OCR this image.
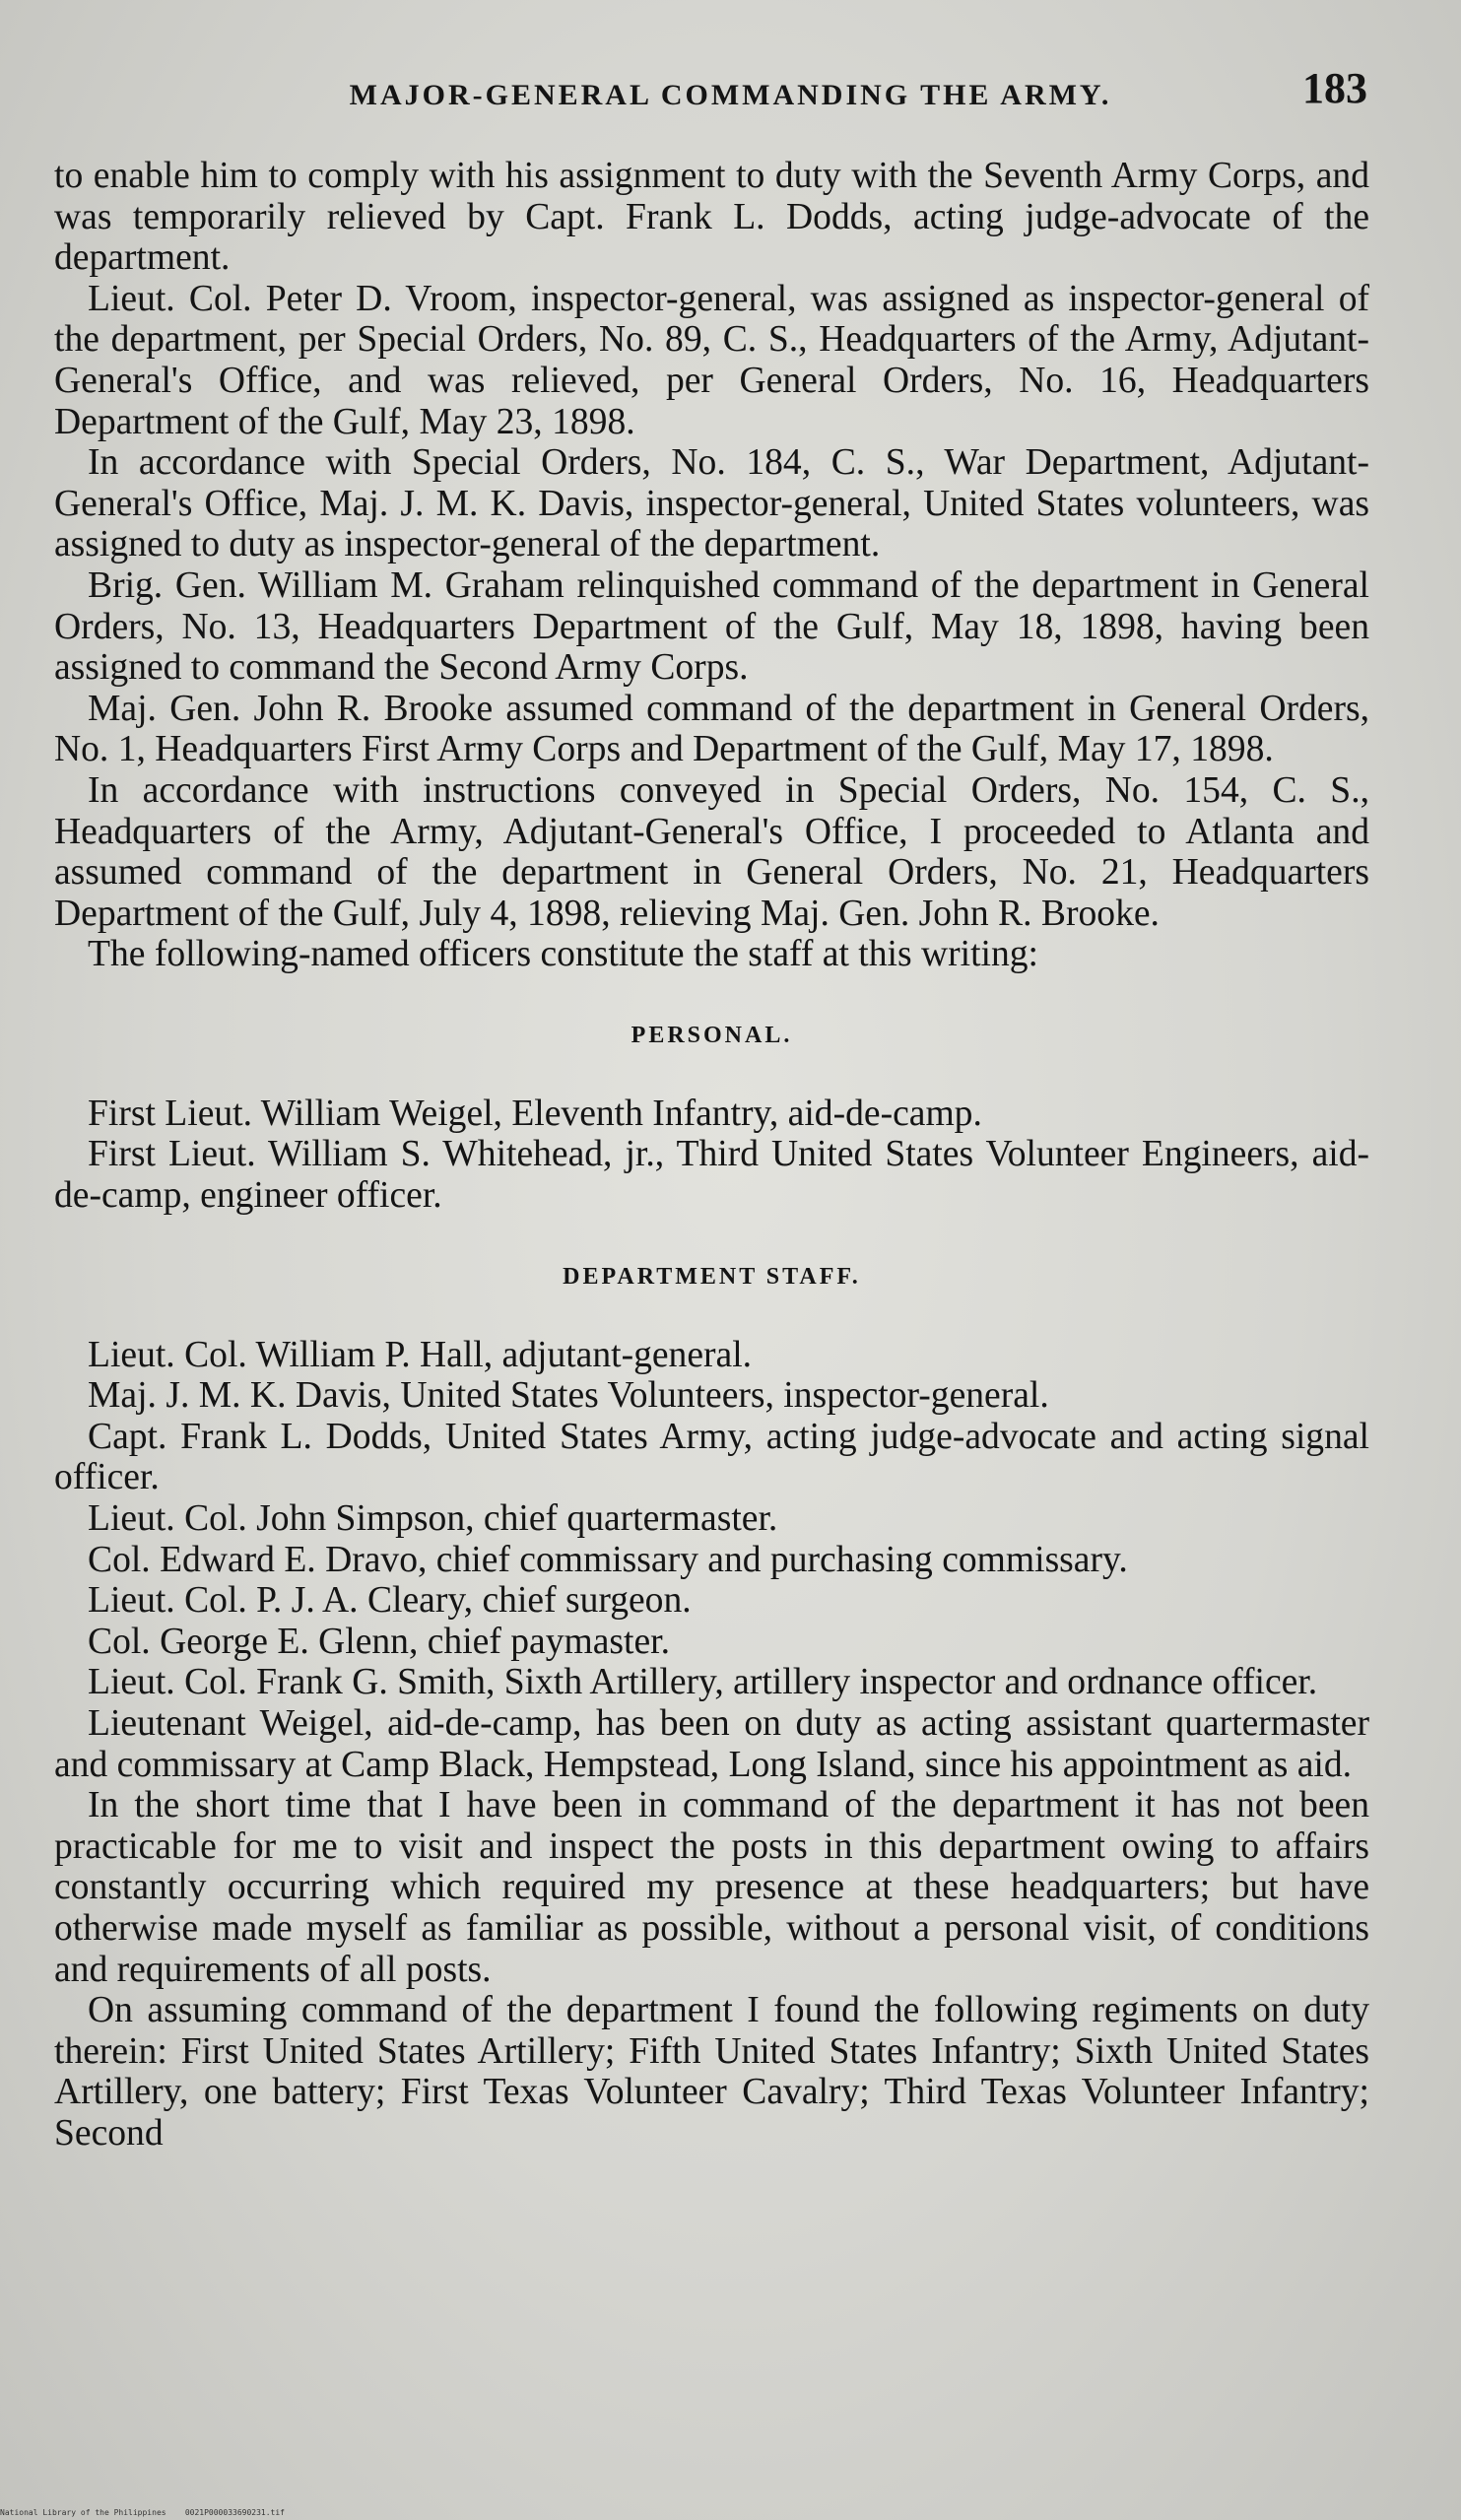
MAJOR-GENERAL COMMANDING THE ARMY.	183

to enable him to comply with his assignment to duty with the Seventh Army Corps, and was temporarily relieved by Capt. Frank L. Dodds, acting judge-advocate of the department.

Lieut. Col. Peter D. Vroom, inspector-general, was assigned as inspector-general of the department, per Special Orders, No. 89, C. S., Headquarters of the Army, Adjutant-General's Office, and was relieved, per General Orders, No. 16, Headquarters Department of the Gulf, May 23, 1898.

In accordance with Special Orders, No. 184, C. S., War Department, Adjutant-General's Office, Maj. J. M. K. Davis, inspector-general, United States volunteers, was assigned to duty as inspector-general of the department.

Brig. Gen. William M. Graham relinquished command of the department in General Orders, No. 13, Headquarters Department of the Gulf, May 18, 1898, having been assigned to command the Second Army Corps.

Maj. Gen. John R. Brooke assumed command of the department in General Orders, No. 1, Headquarters First Army Corps and Department of the Gulf, May 17, 1898.

In accordance with instructions conveyed in Special Orders, No. 154, C. S., Headquarters of the Army, Adjutant-General's Office, I proceeded to Atlanta and assumed command of the department in General Orders, No. 21, Headquarters Department of the Gulf, July 4, 1898, relieving Maj. Gen. John R. Brooke.

The following-named officers constitute the staff at this writing:

PERSONAL.

First Lieut. William Weigel, Eleventh Infantry, aid-de-camp.

First Lieut. William S. Whitehead, jr., Third United States Volunteer Engineers, aid-de-camp, engineer officer.

DEPARTMENT STAFF.

Lieut. Col. William P. Hall, adjutant-general.

Maj. J. M. K. Davis, United States Volunteers, inspector-general.

Capt. Frank L. Dodds, United States Army, acting judge-advocate and acting signal officer.

Lieut. Col. John Simpson, chief quartermaster.

Col. Edward E. Dravo, chief commissary and purchasing commissary.

Lieut. Col. P. J. A. Cleary, chief surgeon.

Col. George E. Glenn, chief paymaster.

Lieut. Col. Frank G. Smith, Sixth Artillery, artillery inspector and ordnance officer.

Lieutenant Weigel, aid-de-camp, has been on duty as acting assistant quartermaster and commissary at Camp Black, Hempstead, Long Island, since his appointment as aid.

In the short time that I have been in command of the department it has not been practicable for me to visit and inspect the posts in this department owing to affairs constantly occurring which required my presence at these headquarters; but have otherwise made myself as familiar as possible, without a personal visit, of conditions and requirements of all posts.

On assuming command of the department I found the following regiments on duty therein: First United States Artillery; Fifth United States Infantry; Sixth United States Artillery, one battery; First Texas Volunteer Cavalry; Third Texas Volunteer Infantry; Second

National Library of the Philippines    0021P000033690231.tif
